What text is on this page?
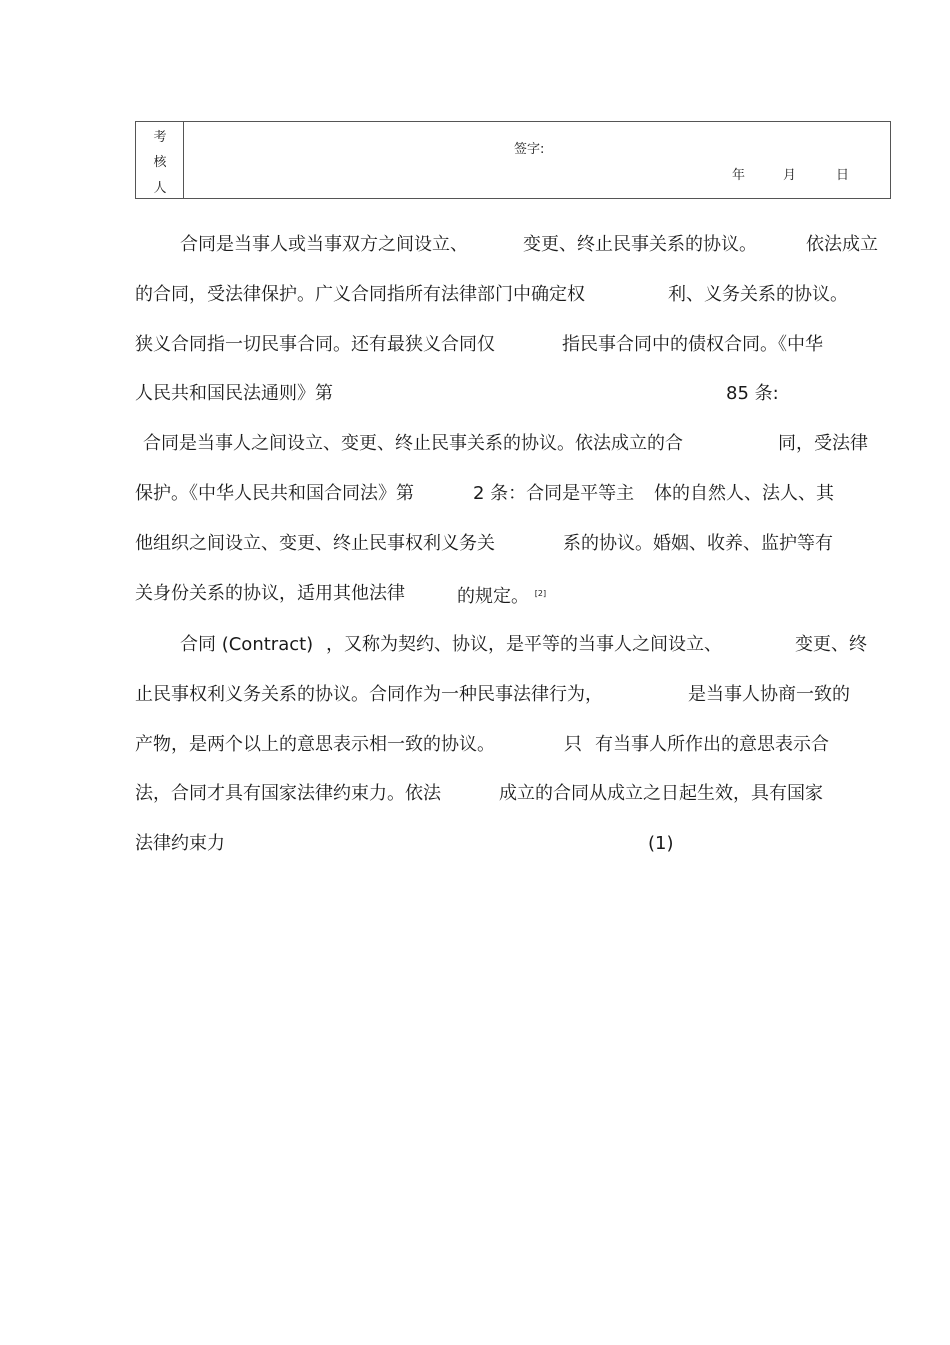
考
核
人
签字:
年	月	日
合同是当事人或当事双方之间设立、	变更、终止民事关系的协议。	依法成立
的合同，受法律保护。广义合同指所有法律部门中确定权	利、义务关系的协议。
狭义合同指一切民事合同。还有最狭义合同仅	指民事合同中的债权合同。《中华
人民共和国民法通则》第	85 条:
合同是当事人之间设立、变更、终止民事关系的协议。依法成立的合	同，受法律
保护。《中华人民共和国合同法》第	2 条：合同是平等主 体的自然人、法人、其
他组织之间设立、变更、终止民事权利义务关	系的协议。婚姻、收养、监护等有
关身份关系的协议，适用其他法律	的规定。 [2]
合同 (Contract) ，又称为契约、协议，是平等的当事人之间设立、	变更、终
止民事权利义务关系的协议。合同作为一种民事法律行为，	是当事人协商一致的
产物，是两个以上的意思表示相一致的协议。	只 有当事人所作出的意思表示合
法，合同才具有国家法律约束力。依法	成立的合同从成立之日起生效，具有国家
法律约束力	(1)
